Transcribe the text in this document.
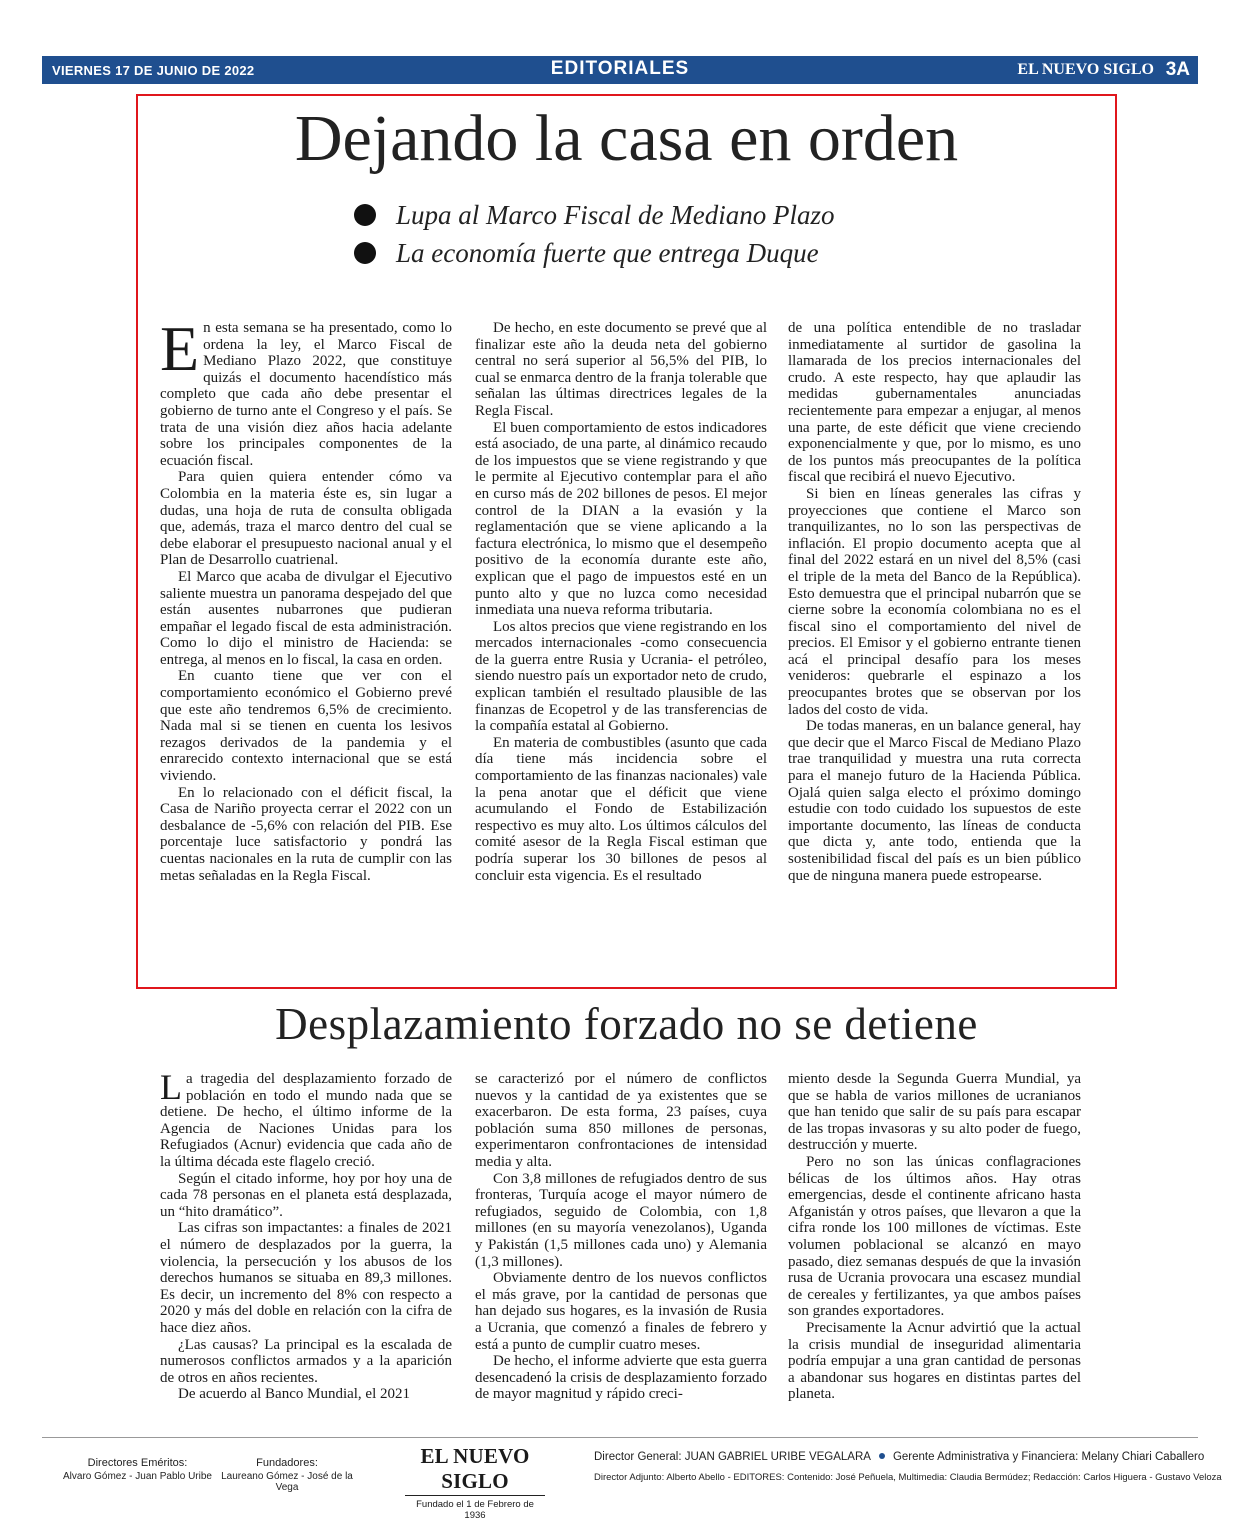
VIERNES 17 DE JUNIO DE 2022	EDITORIALES	EL NUEVO SIGLO 3A
Dejando la casa en orden
Lupa al Marco Fiscal de Mediano Plazo
La economía fuerte que entrega Duque

En esta semana se ha presentado, como lo ordena la ley, el Marco Fiscal de Mediano Plazo 2022, que constituye quizás el documento hacendístico más completo que cada año debe presentar el gobierno de turno ante el Congreso y el país. Se trata de una visión diez años hacia adelante sobre los principales componentes de la ecuación fiscal.

Para quien quiera entender cómo va Colombia en la materia éste es, sin lugar a dudas, una hoja de ruta de consulta obligada que, además, traza el marco dentro del cual se debe elaborar el presupuesto nacional anual y el Plan de Desarrollo cuatrienal.

El Marco que acaba de divulgar el Ejecutivo saliente muestra un panorama despejado del que están ausentes nubarrones que pudieran empañar el legado fiscal de esta administración. Como lo dijo el ministro de Hacienda: se entrega, al menos en lo fiscal, la casa en orden.

En cuanto tiene que ver con el comportamiento económico el Gobierno prevé que este año tendremos 6,5% de crecimiento. Nada mal si se tienen en cuenta los lesivos rezagos derivados de la pandemia y el enrarecido contexto internacional que se está viviendo.

En lo relacionado con el déficit fiscal, la Casa de Nariño proyecta cerrar el 2022 con un desbalance de -5,6% con relación del PIB. Ese porcentaje luce satisfactorio y pondrá las cuentas nacionales en la ruta de cumplir con las metas señaladas en la Regla Fiscal.

De hecho, en este documento se prevé que al finalizar este año la deuda neta del gobierno central no será superior al 56,5% del PIB, lo cual se enmarca dentro de la franja tolerable que señalan las últimas directrices legales de la Regla Fiscal.

El buen comportamiento de estos indicadores está asociado, de una parte, al dinámico recaudo de los impuestos que se viene registrando y que le permite al Ejecutivo contemplar para el año en curso más de 202 billones de pesos. El mejor control de la DIAN a la evasión y la reglamentación que se viene aplicando a la factura electrónica, lo mismo que el desempeño positivo de la economía durante este año, explican que el pago de impuestos esté en un punto alto y que no luzca como necesidad inmediata una nueva reforma tributaria.

Los altos precios que viene registrando en los mercados internacionales -como consecuencia de la guerra entre Rusia y Ucrania- el petróleo, siendo nuestro país un exportador neto de crudo, explican también el resultado plausible de las finanzas de Ecopetrol y de las transferencias de la compañía estatal al Gobierno.

En materia de combustibles (asunto que cada día tiene más incidencia sobre el comportamiento de las finanzas nacionales) vale la pena anotar que el déficit que viene acumulando el Fondo de Estabilización respectivo es muy alto. Los últimos cálculos del comité asesor de la Regla Fiscal estiman que podría superar los 30 billones de pesos al concluir esta vigencia. Es el resultado

de una política entendible de no trasladar inmediatamente al surtidor de gasolina la llamarada de los precios internacionales del crudo. A este respecto, hay que aplaudir las medidas gubernamentales anunciadas recientemente para empezar a enjugar, al menos una parte, de este déficit que viene creciendo exponencialmente y que, por lo mismo, es uno de los puntos más preocupantes de la política fiscal que recibirá el nuevo Ejecutivo.

Si bien en líneas generales las cifras y proyecciones que contiene el Marco son tranquilizantes, no lo son las perspectivas de inflación. El propio documento acepta que al final del 2022 estará en un nivel del 8,5% (casi el triple de la meta del Banco de la República). Esto demuestra que el principal nubarrón que se cierne sobre la economía colombiana no es el fiscal sino el comportamiento del nivel de precios. El Emisor y el gobierno entrante tienen acá el principal desafío para los meses venideros: quebrarle el espinazo a los preocupantes brotes que se observan por los lados del costo de vida.

De todas maneras, en un balance general, hay que decir que el Marco Fiscal de Mediano Plazo trae tranquilidad y muestra una ruta correcta para el manejo futuro de la Hacienda Pública. Ojalá quien salga electo el próximo domingo estudie con todo cuidado los supuestos de este importante documento, las líneas de conducta que dicta y, ante todo, entienda que la sostenibilidad fiscal del país es un bien público que de ninguna manera puede estropearse.

Desplazamiento forzado no se detiene

La tragedia del desplazamiento forzado de población en todo el mundo nada que se detiene. De hecho, el último informe de la Agencia de Naciones Unidas para los Refugiados (Acnur) evidencia que cada año de la última década este flagelo creció.

Según el citado informe, hoy por hoy una de cada 78 personas en el planeta está desplazada, un “hito dramático”.

Las cifras son impactantes: a finales de 2021 el número de desplazados por la guerra, la violencia, la persecución y los abusos de los derechos humanos se situaba en 89,3 millones. Es decir, un incremento del 8% con respecto a 2020 y más del doble en relación con la cifra de hace diez años.

¿Las causas? La principal es la escalada de numerosos conflictos armados y a la aparición de otros en años recientes.

De acuerdo al Banco Mundial, el 2021

se caracterizó por el número de conflictos nuevos y la cantidad de ya existentes que se exacerbaron. De esta forma, 23 países, cuya población suma 850 millones de personas, experimentaron confrontaciones de intensidad media y alta.

Con 3,8 millones de refugiados dentro de sus fronteras, Turquía acoge el mayor número de refugiados, seguido de Colombia, con 1,8 millones (en su mayoría venezolanos), Uganda y Pakistán (1,5 millones cada uno) y Alemania (1,3 millones).

Obviamente dentro de los nuevos conflictos el más grave, por la cantidad de personas que han dejado sus hogares, es la invasión de Rusia a Ucrania, que comenzó a finales de febrero y está a punto de cumplir cuatro meses.

De hecho, el informe advierte que esta guerra desencadenó la crisis de desplazamiento forzado de mayor magnitud y rápido creci-

miento desde la Segunda Guerra Mundial, ya que se habla de varios millones de ucranianos que han tenido que salir de su país para escapar de las tropas invasoras y su alto poder de fuego, destrucción y muerte.

Pero no son las únicas conflagraciones bélicas de los últimos años. Hay otras emergencias, desde el continente africano hasta Afganistán y otros países, que llevaron a que la cifra ronde los 100 millones de víctimas. Este volumen poblacional se alcanzó en mayo pasado, diez semanas después de que la invasión rusa de Ucrania provocara una escasez mundial de cereales y fertilizantes, ya que ambos países son grandes exportadores.

Precisamente la Acnur advirtió que la actual la crisis mundial de inseguridad alimentaria podría empujar a una gran cantidad de personas a abandonar sus hogares en distintas partes del planeta.

Directores Eméritos:
Alvaro Gómez - Juan Pablo Uribe
Fundadores:
Laureano Gómez - José de la Vega
EL NUEVO SIGLO
Fundado el 1 de Febrero de 1936
Director General: JUAN GABRIEL URIBE VEGALARA Gerente Administrativa y Financiera: Melany Chiari Caballero
Director Adjunto: Alberto Abello - EDITORES: Contenido: José Peñuela, Multimedia: Claudia Bermúdez; Redacción: Carlos Higuera - Gustavo Veloza
